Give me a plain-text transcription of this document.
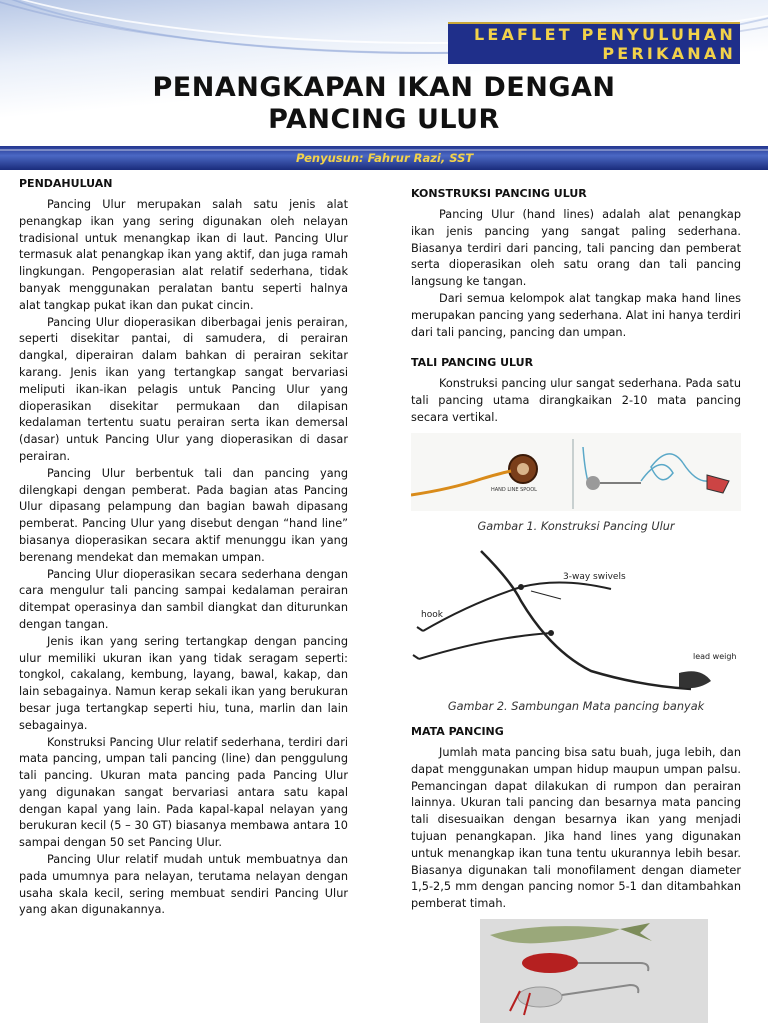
LEAFLET PENYULUHAN
PERIKANAN
PENANGKAPAN IKAN DENGAN
PANCING ULUR
Penyusun: Fahrur Razi, SST
PENDAHULUAN

Pancing Ulur merupakan salah satu jenis alat penangkap ikan yang sering digunakan oleh nelayan tradisional untuk menangkap ikan di laut. Pancing Ulur termasuk alat penangkap ikan yang aktif, dan juga ramah lingkungan. Pengoperasian alat relatif sederhana, tidak banyak menggunakan peralatan bantu seperti halnya alat tangkap pukat ikan dan pukat cincin.

Pancing Ulur dioperasikan diberbagai jenis perairan, seperti disekitar pantai, di samudera, di perairan dangkal, diperairan dalam bahkan di perairan sekitar karang. Jenis ikan yang tertangkap sangat bervariasi meliputi ikan-ikan pelagis untuk Pancing Ulur yang dioperasikan disekitar permukaan dan dilapisan kedalaman tertentu suatu perairan serta ikan demersal (dasar) untuk Pancing Ulur yang dioperasikan di dasar perairan.

Pancing Ulur berbentuk tali dan pancing yang dilengkapi dengan pemberat. Pada bagian atas Pancing Ulur dipasang pelampung dan bagian bawah dipasang pemberat. Pancing Ulur yang disebut dengan “hand line” biasanya dioperasikan secara aktif menunggu ikan yang berenang mendekat dan memakan umpan.

Pancing Ulur dioperasikan secara sederhana dengan cara mengulur tali pancing sampai kedalaman perairan ditempat operasinya dan sambil diangkat dan diturunkan dengan tangan.

Jenis ikan yang sering tertangkap dengan pancing ulur memiliki ukuran ikan yang tidak seragam seperti: tongkol, cakalang, kembung, layang, bawal, kakap, dan lain sebagainya. Namun kerap sekali ikan yang berukuran besar juga tertangkap seperti hiu, tuna, marlin dan lain sebagainya.

Konstruksi Pancing Ulur relatif sederhana, terdiri dari mata pancing, umpan tali pancing (line) dan penggulung tali pancing. Ukuran mata pancing pada Pancing Ulur yang digunakan sangat bervariasi antara satu kapal dengan kapal yang lain. Pada kapal-kapal nelayan yang berukuran kecil (5 – 30 GT) biasanya membawa antara 10 sampai dengan 50 set Pancing Ulur.

Pancing Ulur relatif mudah untuk membuatnya dan pada umumnya para nelayan, terutama nelayan dengan usaha skala kecil, sering membuat sendiri Pancing Ulur yang akan digunakannya.

KONSTRUKSI PANCING ULUR

Pancing Ulur (hand lines) adalah alat penangkap ikan jenis pancing yang sangat paling sederhana. Biasanya terdiri dari pancing, tali pancing dan pemberat serta dioperasikan oleh satu orang dan tali pancing langsung ke tangan.

Dari semua kelompok alat tangkap maka hand lines merupakan pancing yang sederhana. Alat ini hanya terdiri dari tali pancing, pancing dan umpan.

TALI PANCING ULUR

Konstruksi pancing ulur sangat sederhana. Pada satu tali pancing utama dirangkaikan 2-10 mata pancing secara vertikal.

HAND LINE SPOOL
Gambar 1. Konstruksi Pancing Ulur
3-way swivels
hook
lead weigh
Gambar 2. Sambungan Mata pancing banyak
MATA PANCING

Jumlah mata pancing bisa satu buah, juga lebih, dan dapat menggunakan umpan hidup maupun umpan palsu. Pemancingan dapat dilakukan di rumpon dan perairan lainnya. Ukuran tali pancing dan besarnya mata pancing tali disesuaikan dengan besarnya ikan yang menjadi tujuan penangkapan. Jika hand lines yang digunakan untuk menangkap ikan tuna tentu ukurannya lebih besar. Biasanya digunakan tali monofilament dengan diameter 1,5-2,5 mm dengan pancing nomor 5-1 dan ditambahkan pemberat timah.
